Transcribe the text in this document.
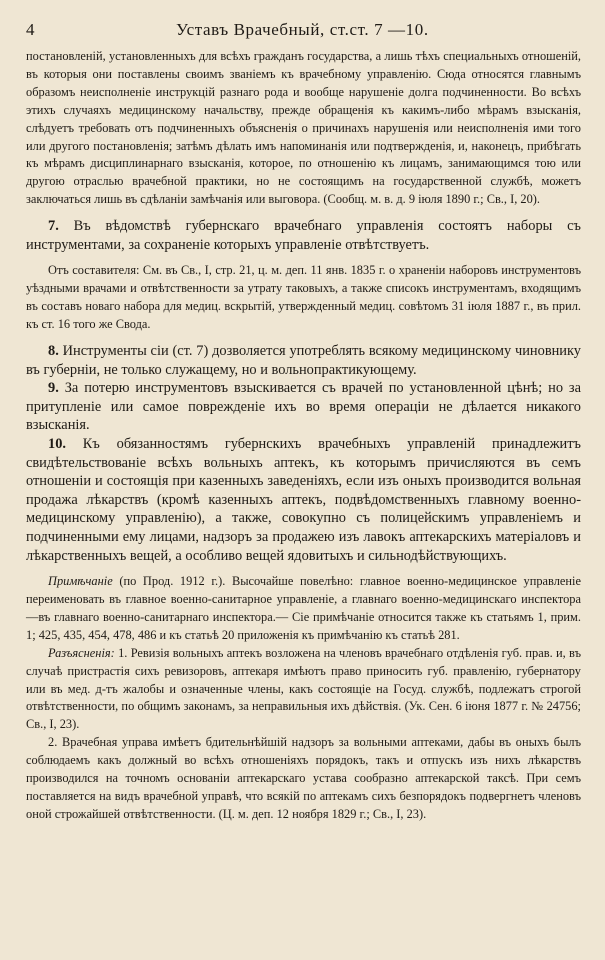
4	Уставъ Врачебный, ст.ст. 7 —10.

постановленій, установленныхъ для всѣхъ гражданъ государства, а лишь тѣхъ специальныхъ отношеній, въ которыя они поставлены своимъ званіемъ къ врачебному управленію. Сюда относятся главнымъ образомъ неисполненіе инструкцій разнаго рода и вообще нарушеніе долга подчиненности. Во всѣхъ этихъ случаяхъ медицинскому начальству, прежде обращенія къ какимъ-либо мѣрамъ взысканія, слѣдуетъ требовать отъ подчиненныхъ объясненія о причинахъ нарушенія или неисполненія ими того или другого постановленія; затѣмъ дѣлать имъ напоминанія или подтвержденія, и, наконецъ, прибѣгать къ мѣрамъ дисциплинарнаго взысканія, которое, по отношенію къ лицамъ, занимающимся тою или другою отраслью врачебной практики, но не состоящимъ на государственной службѣ, можетъ заключаться лишь въ сдѣланіи замѣчанія или выговора. (Сообщ. м. в. д. 9 іюля 1890 г.; Св., I, 20).

7. Въ вѣдомствѣ губернскаго врачебнаго управленія состоятъ наборы съ инструментами, за сохраненіе которыхъ управленіе отвѣтствуетъ.

Отъ составителя: См. въ Св., I, стр. 21, ц. м. деп. 11 янв. 1835 г. о храненіи наборовъ инструментовъ уѣздными врачами и отвѣтственности за утрату таковыхъ, а также списокъ инструментамъ, входящимъ въ составъ новаго набора для медиц. вскрытій, утвержденный медиц. совѣтомъ 31 іюля 1887 г., въ прил. къ ст. 16 того же Свода.

8. Инструменты сіи (ст. 7) дозволяется употреблять всякому медицинскому чиновнику въ губерніи, не только служащему, но и вольнопрактикующему.

9. За потерю инструментовъ взыскивается съ врачей по установленной цѣнѣ; но за притупленіе или самое поврежденіе ихъ во время операціи не дѣлается никакого взысканія.

10. Къ обязанностямъ губернскихъ врачебныхъ управленій принадлежитъ свидѣтельствованіе всѣхъ вольныхъ аптекъ, къ которымъ причисляются въ семъ отношеніи и состоящія при казенныхъ заведеніяхъ, если изъ оныхъ производится вольная продажа лѣкарствъ (кромѣ казенныхъ аптекъ, подвѣдомственныхъ главному военно-медицинскому управленію), а также, совокупно съ полицейскимъ управленіемъ и подчиненными ему лицами, надзоръ за продажею изъ лавокъ аптекарскихъ матеріаловъ и лѣкарственныхъ вещей, а особливо вещей ядовитыхъ и сильнодѣйствующихъ.

Примѣчаніе (по Прод. 1912 г.). Высочайше повелѣно: главное военно-медицинское управленіе переименовать въ главное военно-санитарное управленіе, а главнаго военно-медицинскаго инспектора—въ главнаго военно-санитарнаго инспектора.— Сіе примѣчаніе относится также къ статьямъ 1, прим. 1; 425, 435, 454, 478, 486 и къ статьѣ 20 приложенія къ примѣчанію къ статьѣ 281.

Разъясненія: 1. Ревизія вольныхъ аптекъ возложена на членовъ врачебнаго отдѣленія губ. прав. и, въ случаѣ пристрастія сихъ ревизоровъ, аптекаря имѣютъ право приносить губ. правленію, губернатору или въ мед. д-тъ жалобы и означенные члены, какъ состоящіе на Госуд. службѣ, подлежатъ строгой отвѣтственности, по общимъ законамъ, за неправильныя ихъ дѣйствія. (Ук. Сен. 6 іюня 1877 г. № 24756; Св., I, 23).

2. Врачебная управа имѣетъ бдительнѣйшій надзоръ за вольными аптеками, дабы въ оныхъ былъ соблюдаемъ какъ должный во всѣхъ отношеніяхъ порядокъ, такъ и отпускъ изъ нихъ лѣкарствъ производился на точномъ основаніи аптекарскаго устава сообразно аптекарской таксѣ. При семъ поставляется на видъ врачебной управѣ, что всякій по аптекамъ сихъ безпорядокъ подвергнетъ членовъ оной строжайшей отвѣтственности. (Ц. м. деп. 12 ноября 1829 г.; Св., I, 23).
